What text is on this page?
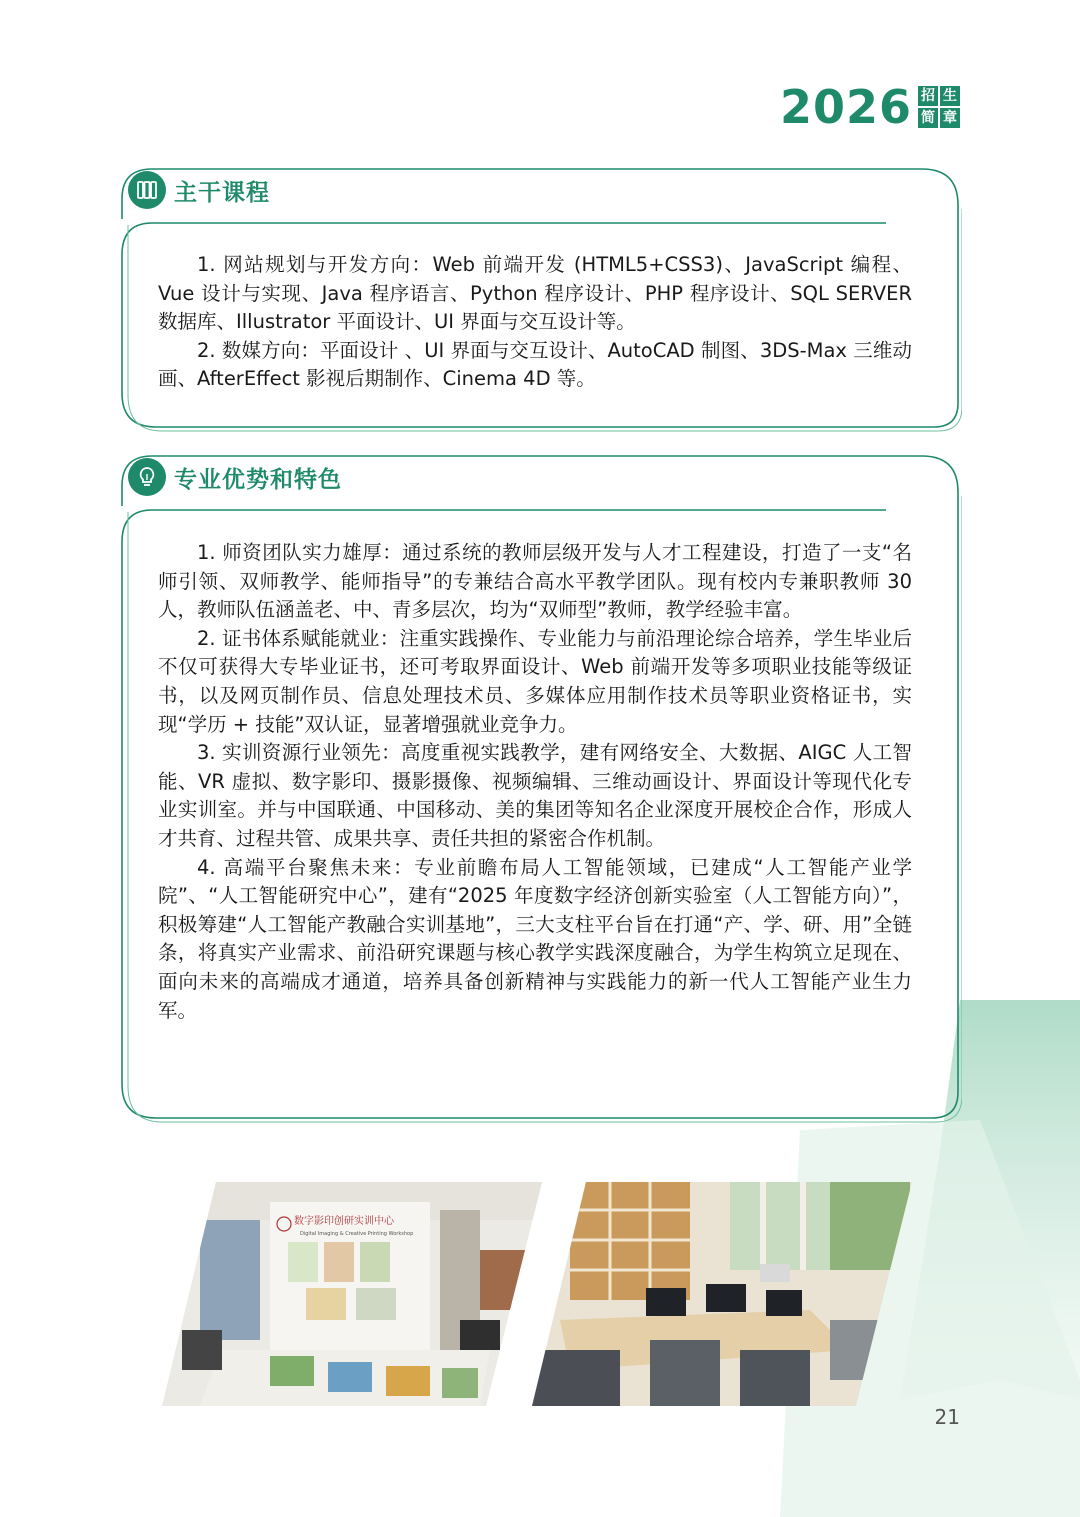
2026 招 生
简 章
主干课程

1. 网站规划与开发方向：Web 前端开发 (HTML5+CSS3)、JavaScript 编程、Vue 设计与实现、Java 程序语言、Python 程序设计、PHP 程序设计、SQL SERVER 数据库、Illustrator 平面设计、UI 界面与交互设计等。

2. 数媒方向：平面设计 、UI 界面与交互设计、AutoCAD 制图、3DS-Max 三维动画、AfterEffect 影视后期制作、Cinema 4D 等。

专业优势和特色

1. 师资团队实力雄厚：通过系统的教师层级开发与人才工程建设，打造了一支“名师引领、双师教学、能师指导”的专兼结合高水平教学团队。现有校内专兼职教师 30 人，教师队伍涵盖老、中、青多层次，均为“双师型”教师，教学经验丰富。

2. 证书体系赋能就业：注重实践操作、专业能力与前沿理论综合培养，学生毕业后不仅可获得大专毕业证书，还可考取界面设计、Web 前端开发等多项职业技能等级证书，以及网页制作员、信息处理技术员、多媒体应用制作技术员等职业资格证书，实现“学历 + 技能”双认证，显著增强就业竞争力。

3. 实训资源行业领先：高度重视实践教学，建有网络安全、大数据、AIGC 人工智能、VR 虚拟、数字影印、摄影摄像、视频编辑、三维动画设计、界面设计等现代化专业实训室。并与中国联通、中国移动、美的集团等知名企业深度开展校企合作，形成人才共育、过程共管、成果共享、责任共担的紧密合作机制。

4. 高端平台聚焦未来：专业前瞻布局人工智能领域，已建成“人工智能产业学院”、“人工智能研究中心”，建有“2025 年度数字经济创新实验室（人工智能方向）”，积极筹建“人工智能产教融合实训基地”，三大支柱平台旨在打通“产、学、研、用”全链条，将真实产业需求、前沿研究课题与核心教学实践深度融合，为学生构筑立足现在、面向未来的高端成才通道，培养具备创新精神与实践能力的新一代人工智能产业生力军。

数字影印创研实训中心
Digital Imaging & Creative Printing Workshop
21
